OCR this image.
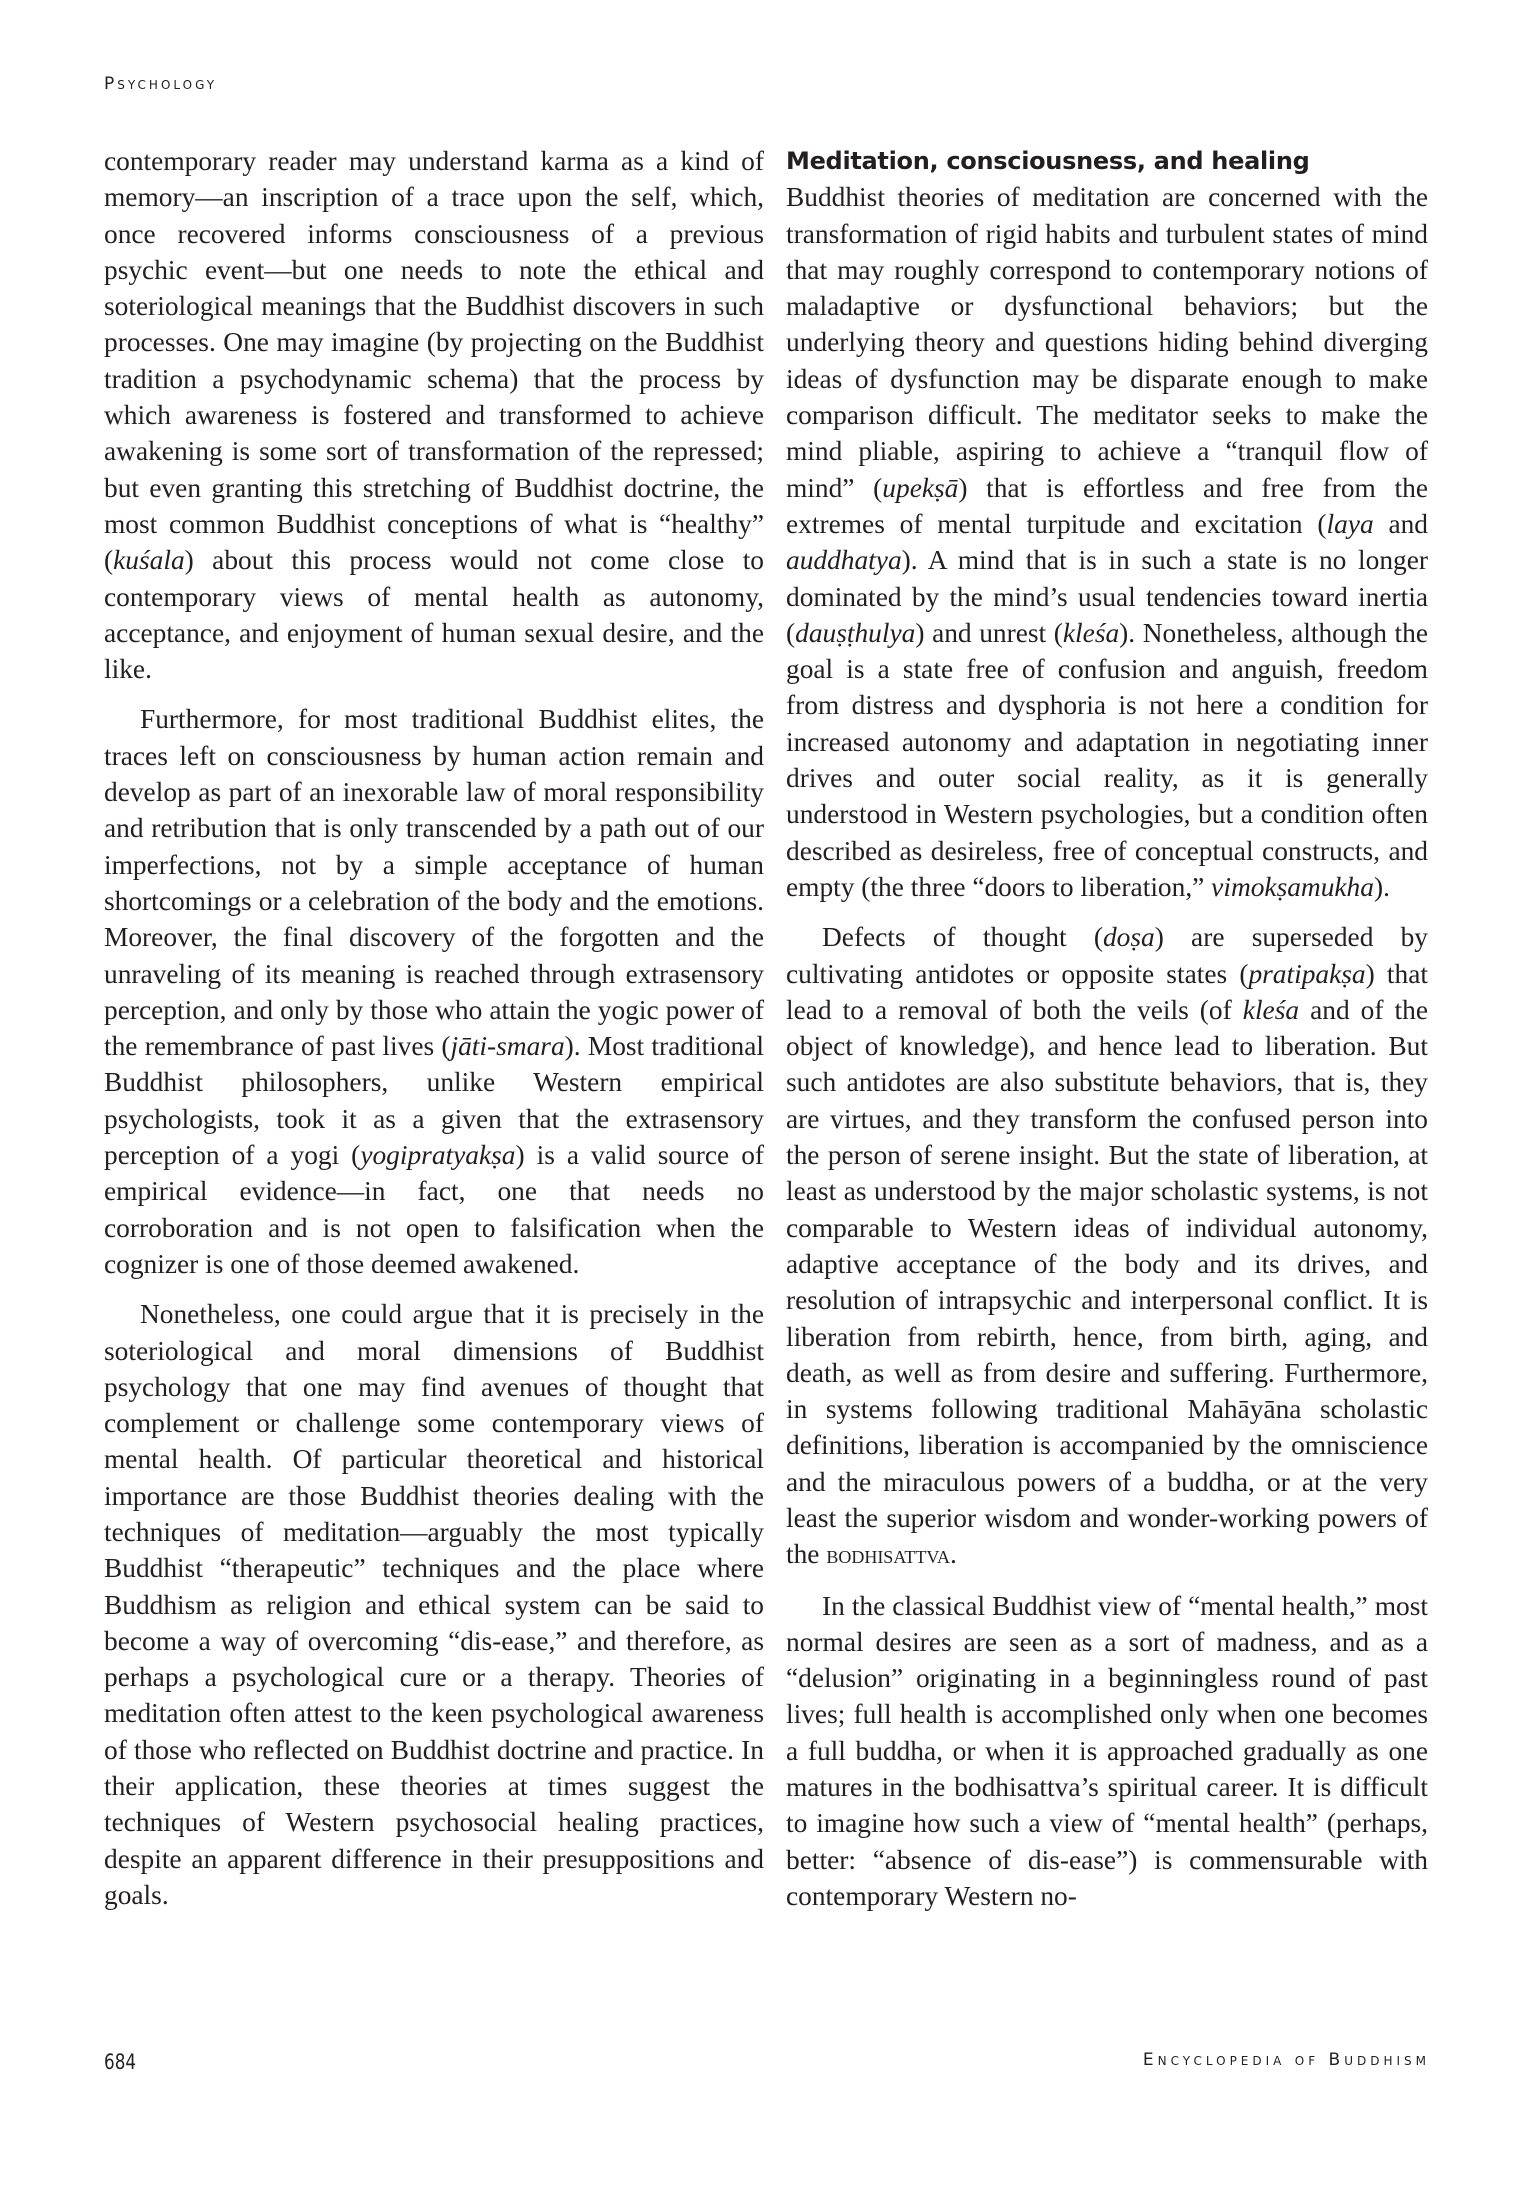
Psychology

contemporary reader may understand karma as a kind of memory—an inscription of a trace upon the self, which, once recovered informs consciousness of a previous psychic event—but one needs to note the ethical and soteriological meanings that the Buddhist discovers in such processes. One may imagine (by projecting on the Buddhist tradition a psychodynamic schema) that the process by which awareness is fostered and transformed to achieve awakening is some sort of transformation of the repressed; but even granting this stretching of Buddhist doctrine, the most common Buddhist conceptions of what is “healthy” (kuśala) about this process would not come close to contemporary views of mental health as autonomy, acceptance, and enjoyment of human sexual desire, and the like.

Furthermore, for most traditional Buddhist elites, the traces left on consciousness by human action remain and develop as part of an inexorable law of moral responsibility and retribution that is only transcended by a path out of our imperfections, not by a simple acceptance of human shortcomings or a celebration of the body and the emotions. Moreover, the final discovery of the forgotten and the unraveling of its meaning is reached through extrasensory perception, and only by those who attain the yogic power of the remembrance of past lives (jāti-smara). Most traditional Buddhist philosophers, unlike Western empirical psychologists, took it as a given that the extrasensory perception of a yogi (yogipratyakṣa) is a valid source of empirical evidence—in fact, one that needs no corroboration and is not open to falsification when the cognizer is one of those deemed awakened.

Nonetheless, one could argue that it is precisely in the soteriological and moral dimensions of Buddhist psychology that one may find avenues of thought that complement or challenge some contemporary views of mental health. Of particular theoretical and historical importance are those Buddhist theories dealing with the techniques of meditation—arguably the most typically Buddhist “therapeutic” techniques and the place where Buddhism as religion and ethical system can be said to become a way of overcoming “dis-ease,” and therefore, as perhaps a psychological cure or a therapy. Theories of meditation often attest to the keen psychological awareness of those who reflected on Buddhist doctrine and practice. In their application, these theories at times suggest the techniques of Western psychosocial healing practices, despite an apparent difference in their presuppositions and goals.

Meditation, consciousness, and healing

Buddhist theories of meditation are concerned with the transformation of rigid habits and turbulent states of mind that may roughly correspond to contemporary notions of maladaptive or dysfunctional behaviors; but the underlying theory and questions hiding behind diverging ideas of dysfunction may be disparate enough to make comparison difficult. The meditator seeks to make the mind pliable, aspiring to achieve a “tranquil flow of mind” (upekṣā) that is effortless and free from the extremes of mental turpitude and excitation (laya and auddhatya). A mind that is in such a state is no longer dominated by the mind’s usual tendencies toward inertia (dauṣṭhulya) and unrest (kleśa). Nonetheless, although the goal is a state free of confusion and anguish, freedom from distress and dysphoria is not here a condition for increased autonomy and adaptation in negotiating inner drives and outer social reality, as it is generally understood in Western psychologies, but a condition often described as desireless, free of conceptual constructs, and empty (the three “doors to liberation,” vimokṣamukha).

Defects of thought (doṣa) are superseded by cultivating antidotes or opposite states (pratipakṣa) that lead to a removal of both the veils (of kleśa and of the object of knowledge), and hence lead to liberation. But such antidotes are also substitute behaviors, that is, they are virtues, and they transform the confused person into the person of serene insight. But the state of liberation, at least as understood by the major scholastic systems, is not comparable to Western ideas of individual autonomy, adaptive acceptance of the body and its drives, and resolution of intrapsychic and interpersonal conflict. It is liberation from rebirth, hence, from birth, aging, and death, as well as from desire and suffering. Furthermore, in systems following traditional Mahāyāna scholastic definitions, liberation is accompanied by the omniscience and the miraculous powers of a buddha, or at the very least the superior wisdom and wonder-working powers of the bodhisattva.

In the classical Buddhist view of “mental health,” most normal desires are seen as a sort of madness, and as a “delusion” originating in a beginningless round of past lives; full health is accomplished only when one becomes a full buddha, or when it is approached gradually as one matures in the bodhisattva’s spiritual career. It is difficult to imagine how such a view of “mental health” (perhaps, better: “absence of dis-ease”) is commensurable with contemporary Western no-

684	Encyclopedia of Buddhism
